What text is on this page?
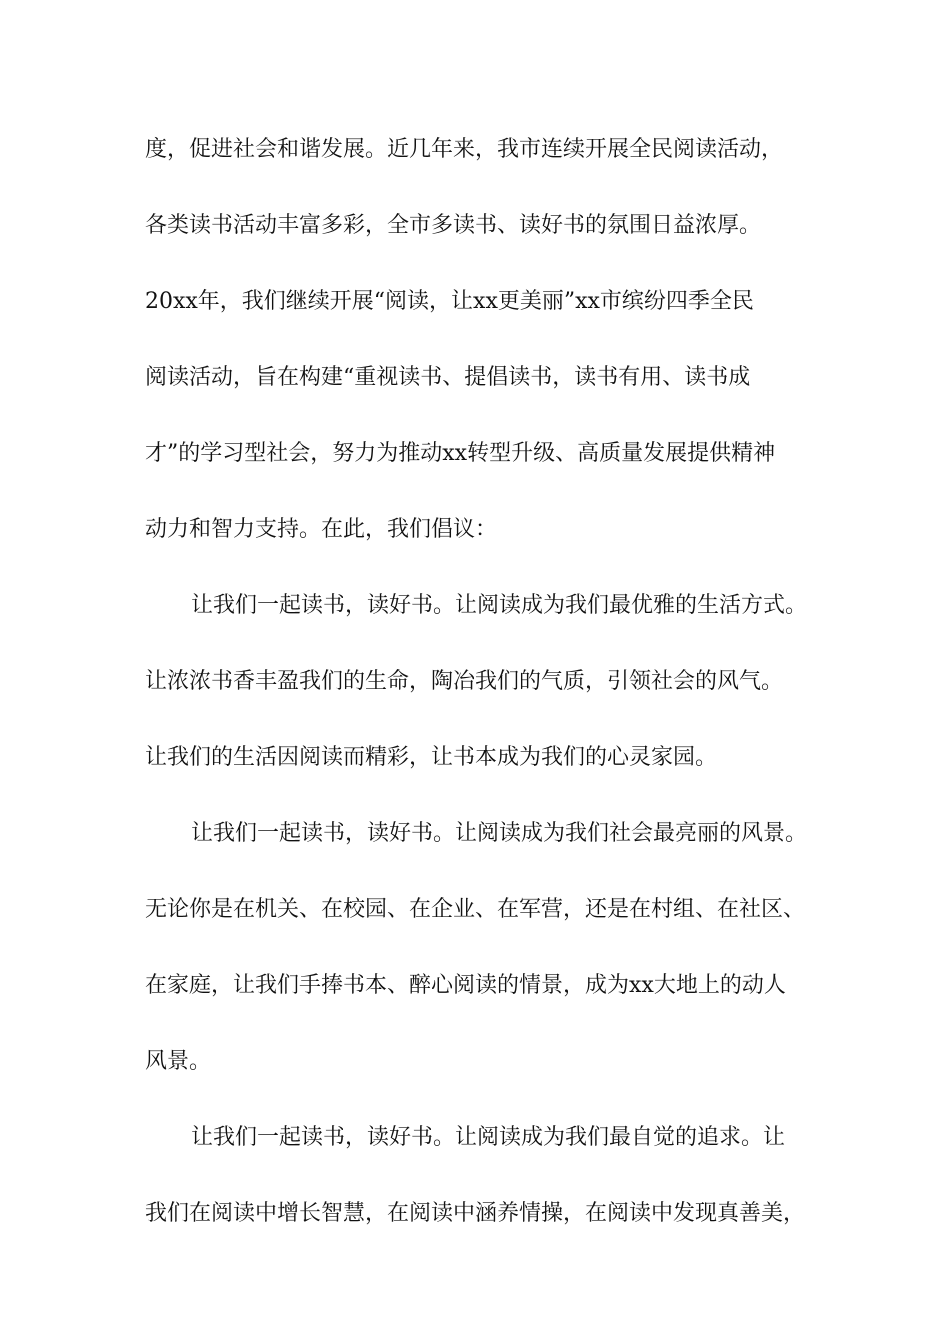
度，促进社会和谐发展。近几年来，我市连续开展全民阅读活动，
各类读书活动丰富多彩，全市多读书、读好书的氛围日益浓厚。
20xx年，我们继续开展“阅读，让xx更美丽”xx市缤纷四季全民
阅读活动，旨在构建“重视读书、提倡读书，读书有用、读书成
才”的学习型社会，努力为推动xx转型升级、高质量发展提供精神
动力和智力支持。在此，我们倡议：
让我们一起读书，读好书。让阅读成为我们最优雅的生活方式。
让浓浓书香丰盈我们的生命，陶冶我们的气质，引领社会的风气。
让我们的生活因阅读而精彩，让书本成为我们的心灵家园。
让我们一起读书，读好书。让阅读成为我们社会最亮丽的风景。
无论你是在机关、在校园、在企业、在军营，还是在村组、在社区、
在家庭，让我们手捧书本、醉心阅读的情景，成为xx大地上的动人
风景。
让我们一起读书，读好书。让阅读成为我们最自觉的追求。让
我们在阅读中增长智慧，在阅读中涵养情操，在阅读中发现真善美，
